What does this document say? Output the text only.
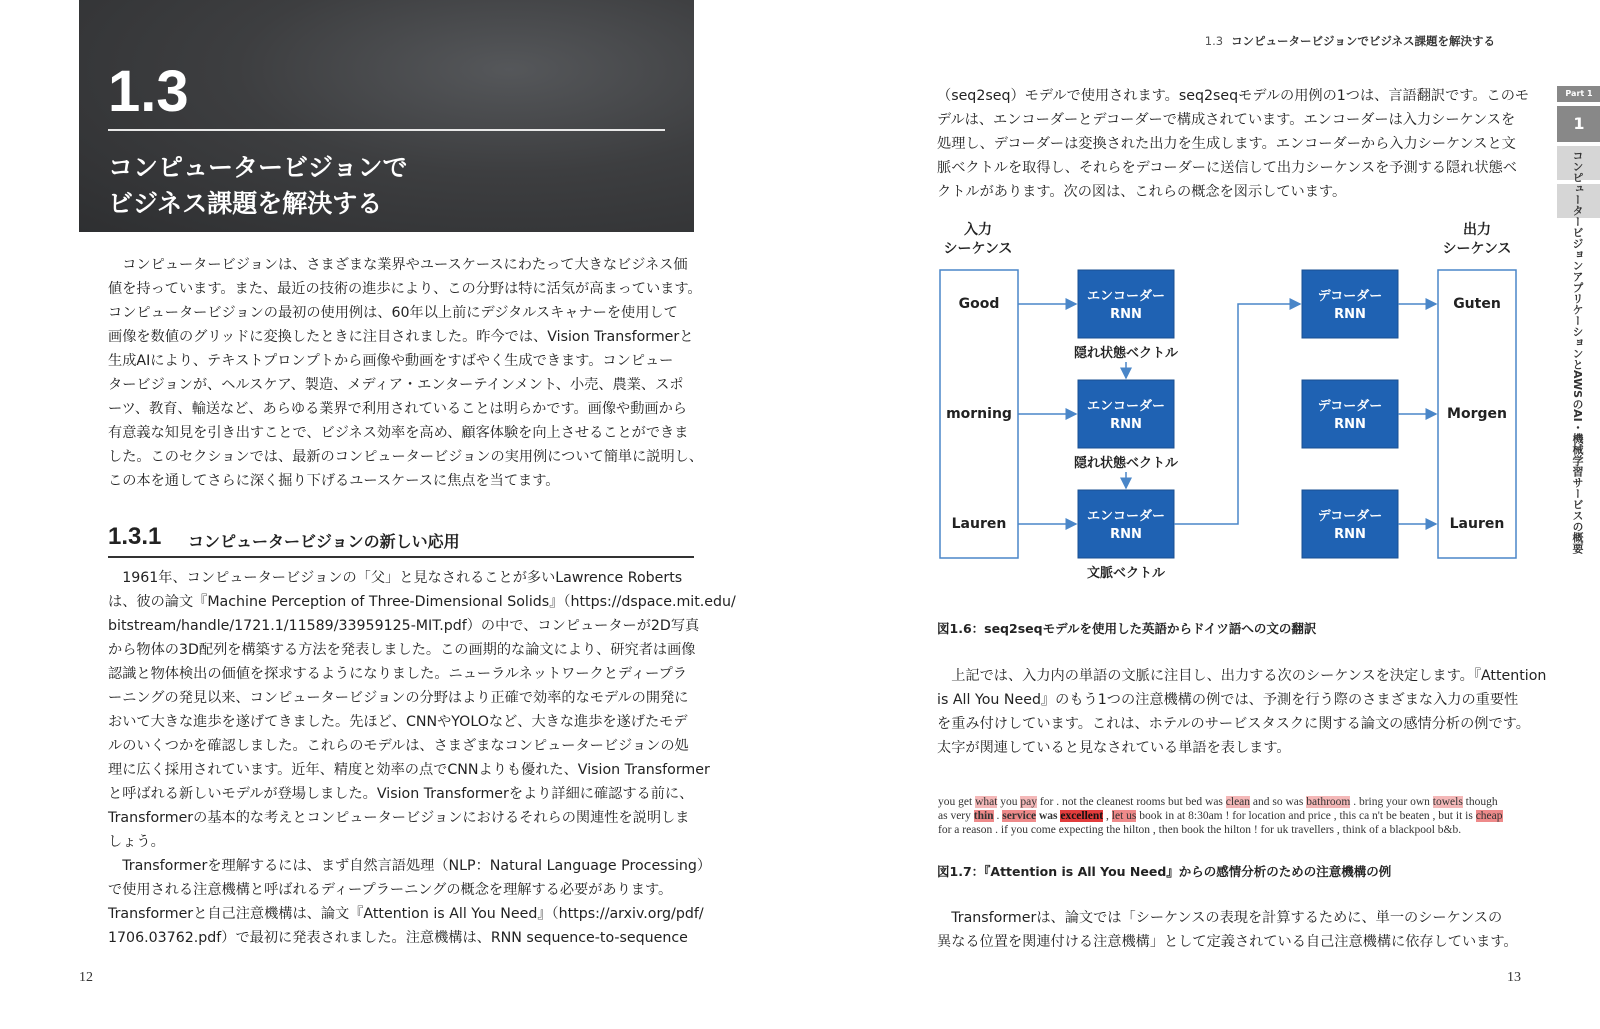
1.3
コンピュータービジョンで
ビジネス課題を解決する

　コンピュータービジョンは、さまざまな業界やユースケースにわたって大きなビジネス価

値を持っています。また、最近の技術の進歩により、この分野は特に活気が高まっています。

コンピュータービジョンの最初の使用例は、60年以上前にデジタルスキャナーを使用して

画像を数値のグリッドに変換したときに注目されました。昨今では、Vision Transformerと

生成AIにより、テキストプロンプトから画像や動画をすばやく生成できます。コンピュー

タービジョンが、ヘルスケア、製造、メディア・エンターテインメント、小売、農業、スポ

ーツ、教育、輸送など、あらゆる業界で利用されていることは明らかです。画像や動画から

有意義な知見を引き出すことで、ビジネス効率を高め、顧客体験を向上させることができま

した。このセクションでは、最新のコンピュータービジョンの実用例について簡単に説明し、

この本を通してさらに深く掘り下げるユースケースに焦点を当てます。

1.3.1 コンピュータービジョンの新しい応用

　1961年、コンピュータービジョンの「父」と見なされることが多いLawrence Roberts

は、彼の論文『Machine Perception of Three-Dimensional Solids』（https://dspace.mit.edu/

bitstream/handle/1721.1/11589/33959125-MIT.pdf）の中で、コンピューターが2D写真

から物体の3D配列を構築する方法を発表しました。この画期的な論文により、研究者は画像

認識と物体検出の価値を探求するようになりました。ニューラルネットワークとディープラ

ーニングの発見以来、コンピュータービジョンの分野はより正確で効率的なモデルの開発に

おいて大きな進歩を遂げてきました。先ほど、CNNやYOLOなど、大きな進歩を遂げたモデ

ルのいくつかを確認しました。これらのモデルは、さまざまなコンピュータービジョンの処

理に広く採用されています。近年、精度と効率の点でCNNよりも優れた、Vision Transformer

と呼ばれる新しいモデルが登場しました。Vision Transformerをより詳細に確認する前に、

Transformerの基本的な考えとコンピュータービジョンにおけるそれらの関連性を説明しま

しょう。

　Transformerを理解するには、まず自然言語処理（NLP：Natural Language Processing）

で使用される注意機構と呼ばれるディープラーニングの概念を理解する必要があります。

Transformerと自己注意機構は、論文『Attention is All You Need』（https://arxiv.org/pdf/

1706.03762.pdf）で最初に発表されました。注意機構は、RNN sequence-to-sequence

12
1.3 コンピュータービジョンでビジネス課題を解決する
Part 1
1
コンピュータービジョンアプリケーションとAWSのAI・機械学習サービスの概要

（seq2seq）モデルで使用されます。seq2seqモデルの用例の1つは、言語翻訳です。このモ

デルは、エンコーダーとデコーダーで構成されています。エンコーダーは入力シーケンスを

処理し、デコーダーは変換された出力を生成します。エンコーダーから入力シーケンスと文

脈ベクトルを取得し、それらをデコーダーに送信して出力シーケンスを予測する隠れ状態ベ

クトルがあります。次の図は、これらの概念を図示しています。

入力
シーケンス
出力
シーケンス
Good
morning
Lauren
Guten
Morgen
Lauren
エンコーダー
RNN
エンコーダー
RNN
エンコーダー
RNN
デコーダー
RNN
デコーダー
RNN
デコーダー
RNN
隠れ状態ベクトル
隠れ状態ベクトル
文脈ベクトル
図1.6：seq2seqモデルを使用した英語からドイツ語への文の翻訳

　上記では、入力内の単語の文脈に注目し、出力する次のシーケンスを決定します。『Attention

is All You Need』のもう1つの注意機構の例では、予測を行う際のさまざまな入力の重要性

を重み付けしています。これは、ホテルのサービスタスクに関する論文の感情分析の例です。

太字が関連していると見なされている単語を表します。

you get what you pay for . not the cleanest rooms but bed was clean and so was bathroom . bring your own towels though

as very thin . service was excellent , let us book in at 8:30am ! for location and price , this ca n't be beaten , but it is cheap

for a reason . if you come expecting the hilton , then book the hilton ! for uk travellers , think of a blackpool b&b.

図1.7：『Attention is All You Need』からの感情分析のための注意機構の例

　Transformerは、論文では「シーケンスの表現を計算するために、単一のシーケンスの

異なる位置を関連付ける注意機構」として定義されている自己注意機構に依存しています。

13
